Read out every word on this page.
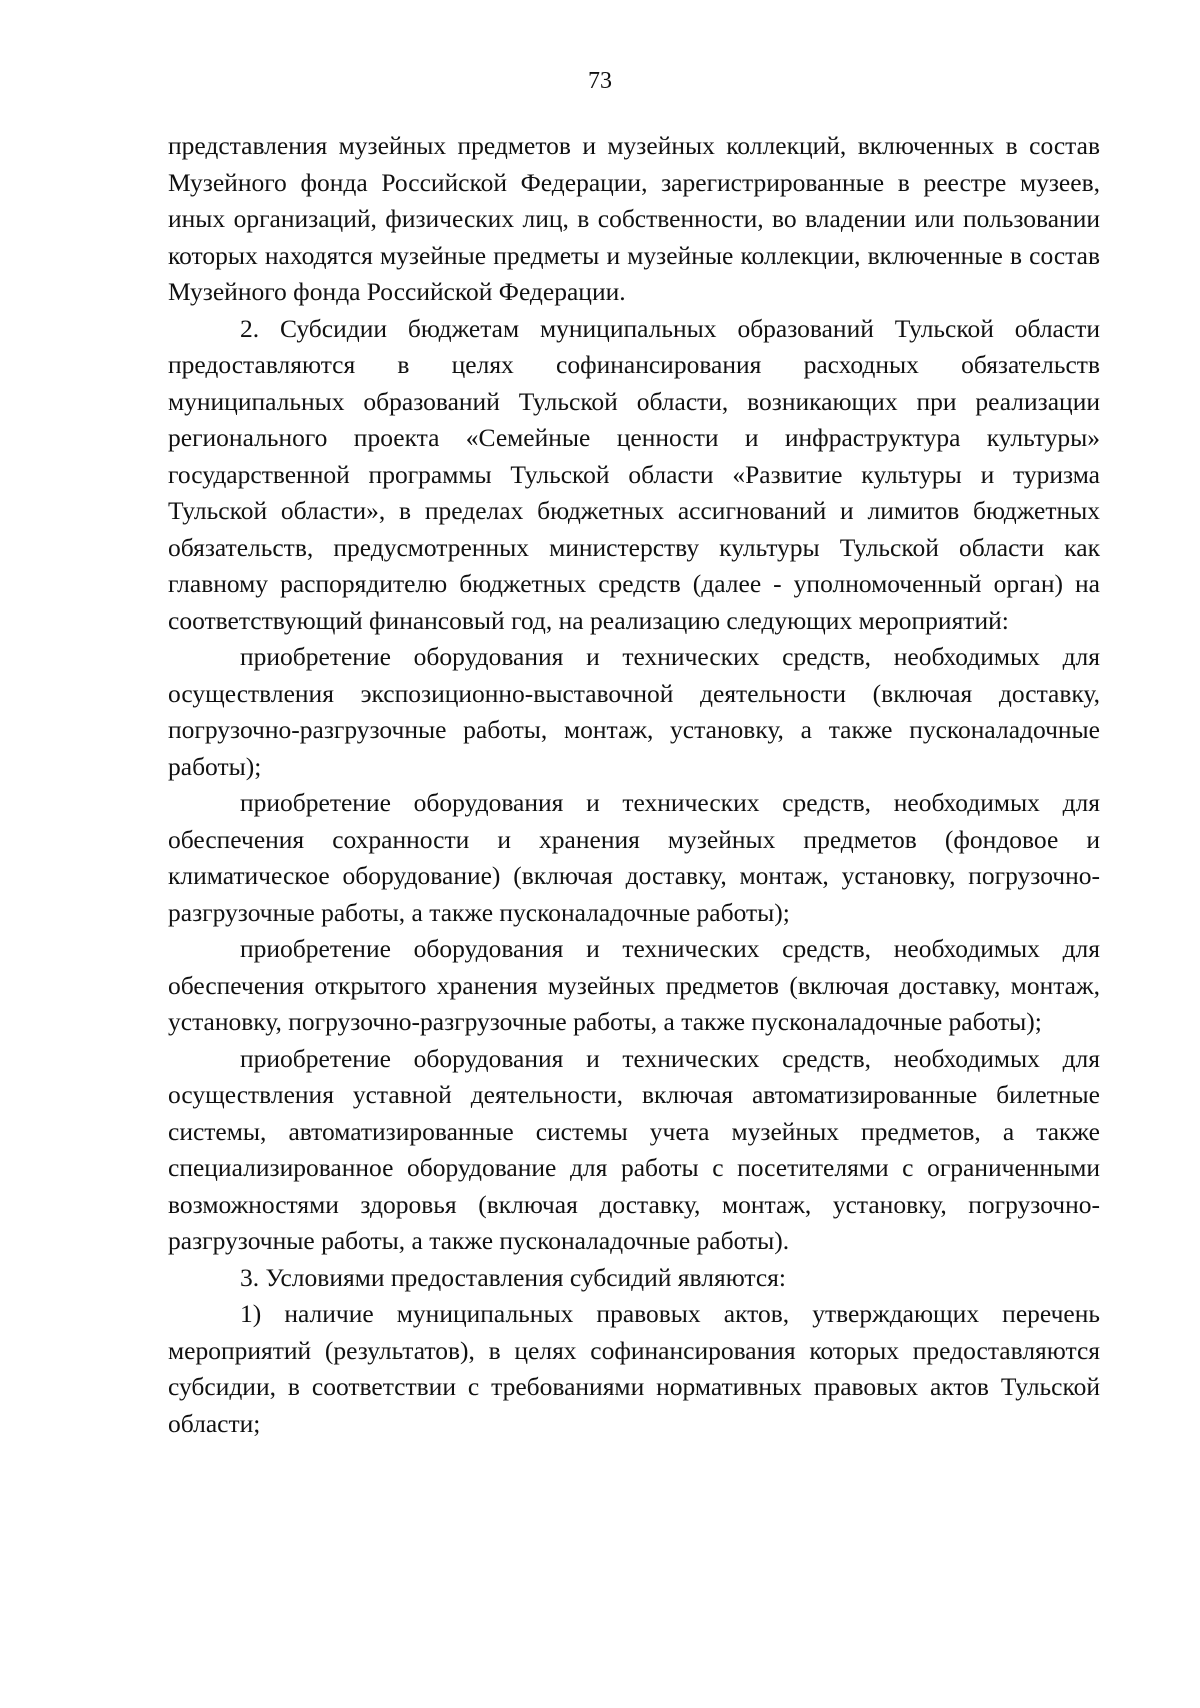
73

представления музейных предметов и музейных коллекций, включенных в состав Музейного фонда Российской Федерации, зарегистрированные в реестре музеев, иных организаций, физических лиц, в собственности, во владении или пользовании которых находятся музейные предметы и музейные коллекции, включенные в состав Музейного фонда Российской Федерации.

2. Субсидии бюджетам муниципальных образований Тульской области предоставляются в целях софинансирования расходных обязательств муниципальных образований Тульской области, возникающих при реализации регионального проекта «Семейные ценности и инфраструктура культуры» государственной программы Тульской области «Развитие культуры и туризма Тульской области», в пределах бюджетных ассигнований и лимитов бюджетных обязательств, предусмотренных министерству культуры Тульской области как главному распорядителю бюджетных средств (далее - уполномоченный орган) на соответствующий финансовый год, на реализацию следующих мероприятий:

приобретение оборудования и технических средств, необходимых для осуществления экспозиционно-выставочной деятельности (включая доставку, погрузочно-разгрузочные работы, монтаж, установку, а также пусконаладочные работы);

приобретение оборудования и технических средств, необходимых для обеспечения сохранности и хранения музейных предметов (фондовое и климатическое оборудование) (включая доставку, монтаж, установку, погрузочно-разгрузочные работы, а также пусконаладочные работы);

приобретение оборудования и технических средств, необходимых для обеспечения открытого хранения музейных предметов (включая доставку, монтаж, установку, погрузочно-разгрузочные работы, а также пусконаладочные работы);

приобретение оборудования и технических средств, необходимых для осуществления уставной деятельности, включая автоматизированные билетные системы, автоматизированные системы учета музейных предметов, а также специализированное оборудование для работы с посетителями с ограниченными возможностями здоровья (включая доставку, монтаж, установку, погрузочно-разгрузочные работы, а также пусконаладочные работы).

3. Условиями предоставления субсидий являются:

1) наличие муниципальных правовых актов, утверждающих перечень мероприятий (результатов), в целях софинансирования которых предоставляются субсидии, в соответствии с требованиями нормативных правовых актов Тульской области;
